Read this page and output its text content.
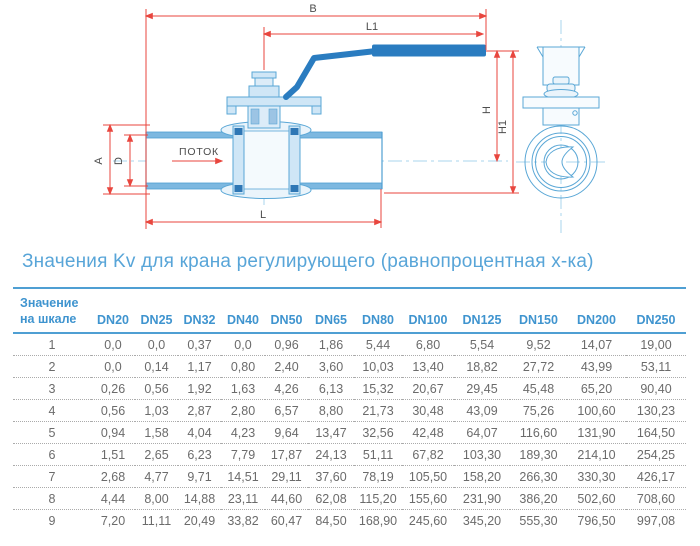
ПОТОК
B
L1
H
H1
A D
L
Значения Kv для крана регулирующего (равнопроцентная х-ка)
Значение
на шкале	DN20	DN25	DN32	DN40	DN50	DN65	DN80	DN100	DN125	DN150	DN200	DN250
1	0,0	0,0	0,37	0,0	0,96	1,86	5,44	6,80	5,54	9,52	14,07	19,00
2	0,0	0,14	1,17	0,80	2,40	3,60	10,03	13,40	18,82	27,72	43,99	53,11
3	0,26	0,56	1,92	1,63	4,26	6,13	15,32	20,67	29,45	45,48	65,20	90,40
4	0,56	1,03	2,87	2,80	6,57	8,80	21,73	30,48	43,09	75,26	100,60	130,23
5	0,94	1,58	4,04	4,23	9,64	13,47	32,56	42,48	64,07	116,60	131,90	164,50
6	1,51	2,65	6,23	7,79	17,87	24,13	51,11	67,82	103,30	189,30	214,10	254,25
7	2,68	4,77	9,71	14,51	29,11	37,60	78,19	105,50	158,20	266,30	330,30	426,17
8	4,44	8,00	14,88	23,11	44,60	62,08	115,20	155,60	231,90	386,20	502,60	708,60
9	7,20	11,11	20,49	33,82	60,47	84,50	168,90	245,60	345,20	555,30	796,50	997,08
